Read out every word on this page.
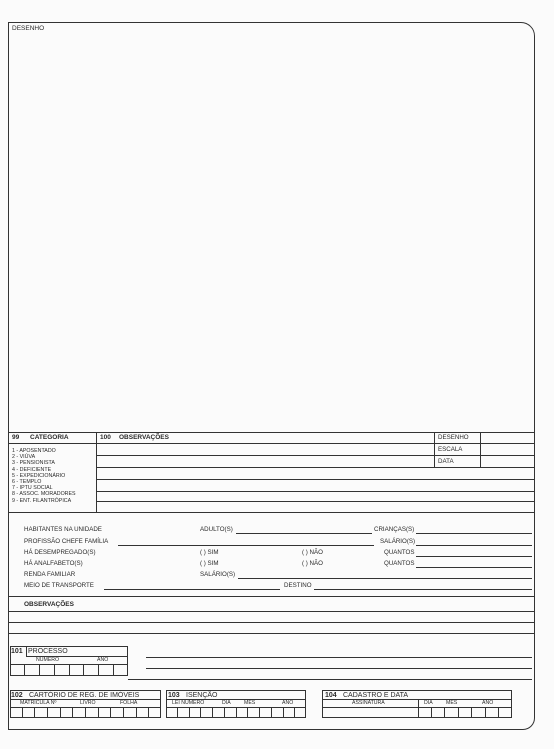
DESENHO
99 CATEGORIA
1 - APOSENTADO
2 - VIÚVA
3 - PENSIONISTA
4 - DEFICIENTE
5 - EXPEDICIONÁRIO
6 - TEMPLO
7 - IPTU SOCIAL
8 - ASSOC. MORADORES
9 - ENT. FILANTRÓPICA
100 OBSERVAÇÕES	DESENHO
ESCALA
DATA
HABITANTES NA UNIDADE	ADULTO(S)	CRIANÇAS(S)
PROFISSÃO CHEFE FAMÍLIA	SALÁRIO(S)
HÁ DESEMPREGADO(S)	( ) SIM	( ) NÃO	QUANTOS
HÁ ANALFABETO(S)	( ) SIM	( ) NÃO	QUANTOS
RENDA FAMILIAR	SALÁRIO(S)
MEIO DE TRANSPORTE	DESTINO
OBSERVAÇÕES
101 PROCESSO
NÚMERO	ANO
102 CARTÓRIO DE REG. DE IMÓVEIS
MATRÍCULA Nº	LIVRO	FOLHA
103 ISENÇÃO
LEI NÚMERO	DIA	MÊS	ANO
104 CADASTRO E DATA
ASSINATURA	DIA	MÊS	ANO
